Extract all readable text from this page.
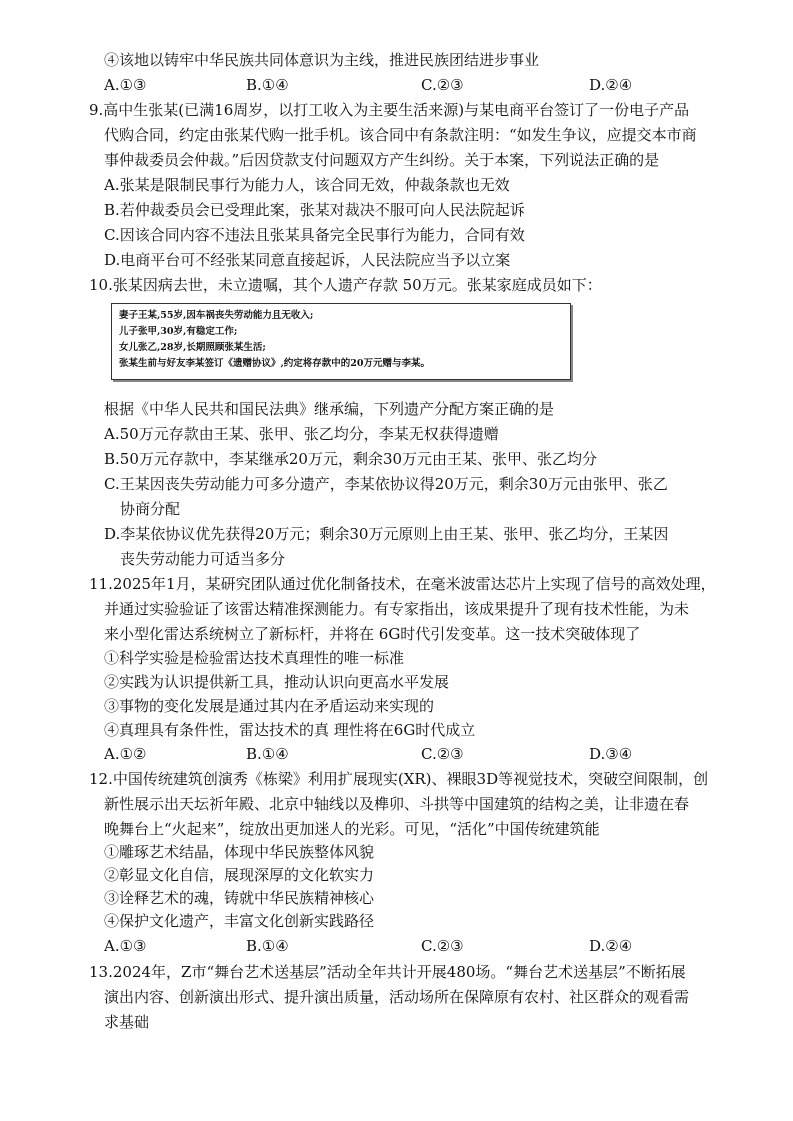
④该地以铸牢中华民族共同体意识为主线，推进民族团结进步事业
A.①③	B.①④	C.②③	D.②④
9.高中生张某(已满16周岁，以打工收入为主要生活来源)与某电商平台签订了一份电子产品
代购合同，约定由张某代购一批手机。该合同中有条款注明：“如发生争议，应提交本市商
事仲裁委员会仲裁。”后因贷款支付问题双方产生纠纷。关于本案，下列说法正确的是
A.张某是限制民事行为能力人，该合同无效，仲裁条款也无效
B.若仲裁委员会已受理此案，张某对裁决不服可向人民法院起诉
C.因该合同内容不违法且张某具备完全民事行为能力，合同有效
D.电商平台可不经张某同意直接起诉，人民法院应当予以立案
10.张某因病去世，未立遗嘱，其个人遗产存款 50万元。张某家庭成员如下：
妻子王某,55岁,因车祸丧失劳动能力且无收入;
儿子张甲,30岁,有稳定工作;
女儿张乙,28岁,长期照顾张某生活;
张某生前与好友李某签订《遗赠协议》,约定将存款中的20万元赠与李某。
根据《中华人民共和国民法典》继承编，下列遗产分配方案正确的是
A.50万元存款由王某、张甲、张乙均分，李某无权获得遗赠
B.50万元存款中，李某继承20万元，剩余30万元由王某、张甲、张乙均分
C.王某因丧失劳动能力可多分遗产，李某依协议得20万元，剩余30万元由张甲、张乙
协商分配
D.李某依协议优先获得20万元；剩余30万元原则上由王某、张甲、张乙均分，王某因
丧失劳动能力可适当多分
11.2025年1月，某研究团队通过优化制备技术，在毫米波雷达芯片上实现了信号的高效处理，
并通过实验验证了该雷达精准探测能力。有专家指出，该成果提升了现有技术性能，为未
来小型化雷达系统树立了新标杆，并将在 6G时代引发变革。这一技术突破体现了
①科学实验是检验雷达技术真理性的唯一标准
②实践为认识提供新工具，推动认识向更高水平发展
③事物的变化发展是通过其内在矛盾运动来实现的
④真理具有条件性，雷达技术的真 理性将在6G时代成立
A.①②	B.①④	C.②③	D.③④
12.中国传统建筑创演秀《栋梁》利用扩展现实(XR)、裸眼3D等视觉技术，突破空间限制，创
新性展示出天坛祈年殿、北京中轴线以及榫卯、斗拱等中国建筑的结构之美，让非遗在春
晚舞台上“火起来”，绽放出更加迷人的光彩。可见，“活化”中国传统建筑能
①雕琢艺术结晶，体现中华民族整体风貌
②彰显文化自信，展现深厚的文化软实力
③诠释艺术的魂，铸就中华民族精神核心
④保护文化遗产，丰富文化创新实践路径
A.①③	B.①④	C.②③	D.②④
13.2024年，Z市“舞台艺术送基层”活动全年共计开展480场。“舞台艺术送基层”不断拓展
演出内容、创新演出形式、提升演出质量，活动场所在保障原有农村、社区群众的观看需
求基础
